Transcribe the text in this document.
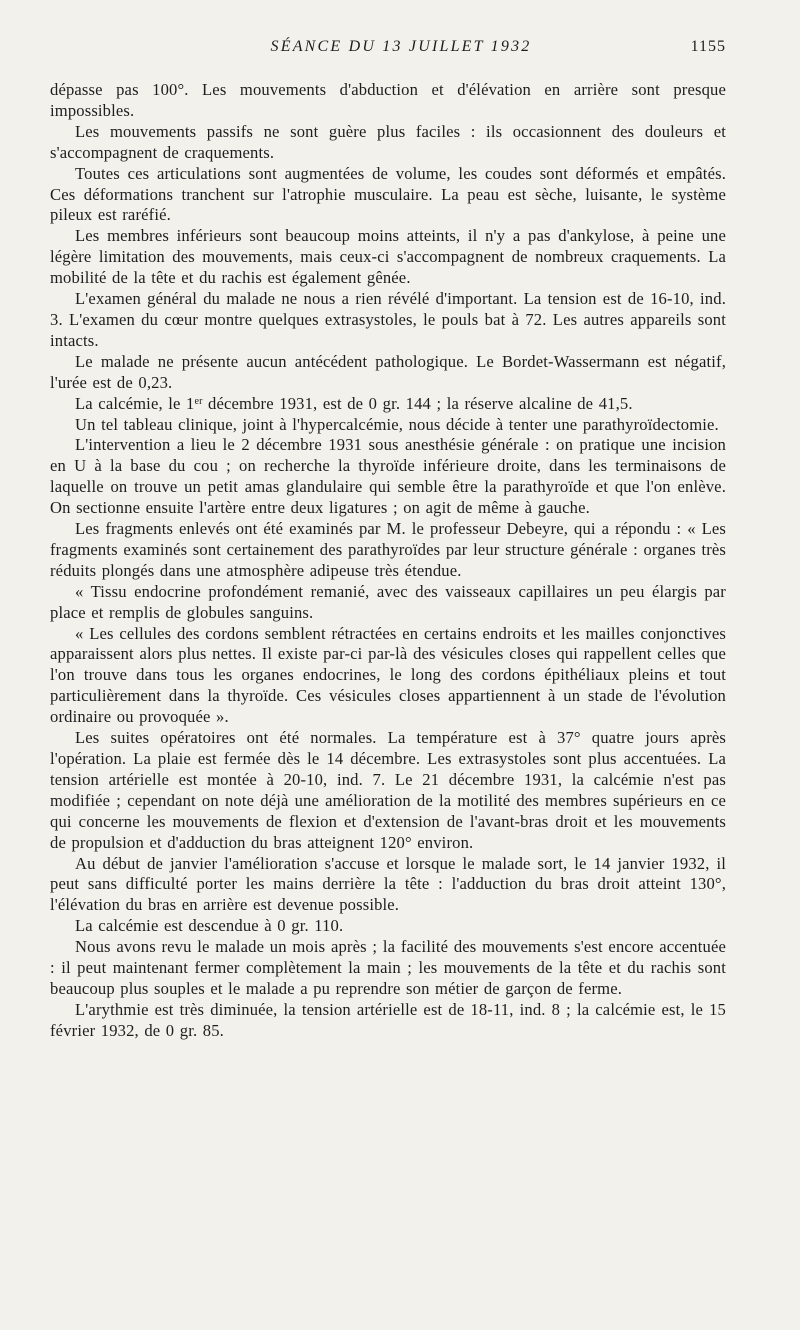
SÉANCE DU 13 JUILLET 1932	1155

dépasse pas 100°. Les mouvements d'abduction et d'élévation en arrière sont presque impossibles.

Les mouvements passifs ne sont guère plus faciles : ils occasionnent des douleurs et s'accompagnent de craquements.

Toutes ces articulations sont augmentées de volume, les coudes sont déformés et empâtés. Ces déformations tranchent sur l'atrophie musculaire. La peau est sèche, luisante, le système pileux est raréfié.

Les membres inférieurs sont beaucoup moins atteints, il n'y a pas d'ankylose, à peine une légère limitation des mouvements, mais ceux-ci s'accompagnent de nombreux craquements. La mobilité de la tête et du rachis est également gênée.

L'examen général du malade ne nous a rien révélé d'important. La tension est de 16-10, ind. 3. L'examen du cœur montre quelques extrasystoles, le pouls bat à 72. Les autres appareils sont intacts.

Le malade ne présente aucun antécédent pathologique. Le Bordet-Wassermann est négatif, l'urée est de 0,23.

La calcémie, le 1er décembre 1931, est de 0 gr. 144 ; la réserve alcaline de 41,5.

Un tel tableau clinique, joint à l'hypercalcémie, nous décide à tenter une parathyroïdectomie.

L'intervention a lieu le 2 décembre 1931 sous anesthésie générale : on pratique une incision en U à la base du cou ; on recherche la thyroïde inférieure droite, dans les terminaisons de laquelle on trouve un petit amas glandulaire qui semble être la parathyroïde et que l'on enlève. On sectionne ensuite l'artère entre deux ligatures ; on agit de même à gauche.

Les fragments enlevés ont été examinés par M. le professeur Debeyre, qui a répondu : « Les fragments examinés sont certainement des parathyroïdes par leur structure générale : organes très réduits plongés dans une atmosphère adipeuse très étendue.

« Tissu endocrine profondément remanié, avec des vaisseaux capillaires un peu élargis par place et remplis de globules sanguins.

« Les cellules des cordons semblent rétractées en certains endroits et les mailles conjonctives apparaissent alors plus nettes. Il existe par-ci par-là des vésicules closes qui rappellent celles que l'on trouve dans tous les organes endocrines, le long des cordons épithéliaux pleins et tout particulièrement dans la thyroïde. Ces vésicules closes appartiennent à un stade de l'évolution ordinaire ou provoquée ».

Les suites opératoires ont été normales. La température est à 37° quatre jours après l'opération. La plaie est fermée dès le 14 décembre. Les extrasystoles sont plus accentuées. La tension artérielle est montée à 20-10, ind. 7. Le 21 décembre 1931, la calcémie n'est pas modifiée ; cependant on note déjà une amélioration de la motilité des membres supérieurs en ce qui concerne les mouvements de flexion et d'extension de l'avant-bras droit et les mouvements de propulsion et d'adduction du bras atteignent 120° environ.

Au début de janvier l'amélioration s'accuse et lorsque le malade sort, le 14 janvier 1932, il peut sans difficulté porter les mains derrière la tête : l'adduction du bras droit atteint 130°, l'élévation du bras en arrière est devenue possible.

La calcémie est descendue à 0 gr. 110.

Nous avons revu le malade un mois après ; la facilité des mouvements s'est encore accentuée : il peut maintenant fermer complètement la main ; les mouvements de la tête et du rachis sont beaucoup plus souples et le malade a pu reprendre son métier de garçon de ferme.

L'arythmie est très diminuée, la tension artérielle est de 18-11, ind. 8 ; la calcémie est, le 15 février 1932, de 0 gr. 85.
